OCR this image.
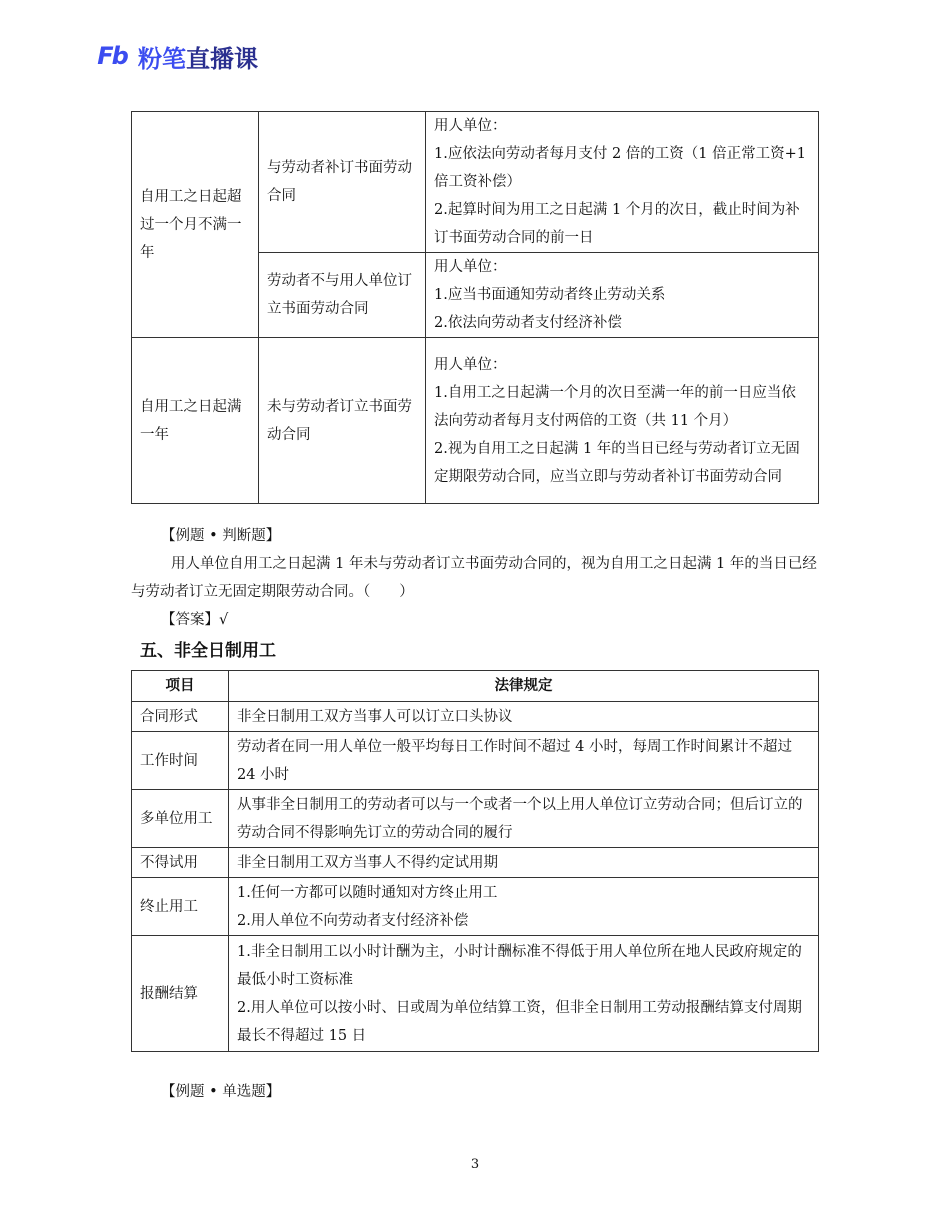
Fb 粉笔直播课
自用工之日起超过一个月不满一年	与劳动者补订书面劳动合同	用人单位：
1.应依法向劳动者每月支付 2 倍的工资（1 倍正常工资+1 倍工资补偿）
2.起算时间为用工之日起满 1 个月的次日，截止时间为补订书面劳动合同的前一日

	劳动者不与用人单位订立书面劳动合同	用人单位：
1.应当书面通知劳动者终止劳动关系
2.依法向劳动者支付经济补偿

自用工之日起满一年	未与劳动者订立书面劳动合同	用人单位：
1.自用工之日起满一个月的次日至满一年的前一日应当依法向劳动者每月支付两倍的工资（共 11 个月）
2.视为自用工之日起满 1 年的当日已经与劳动者订立无固定期限劳动合同，应当立即与劳动者补订书面劳动合同
【例题 • 判断题】
用人单位自用工之日起满 1 年未与劳动者订立书面劳动合同的，视为自用工之日起满 1 年的当日已经与劳动者订立无固定期限劳动合同。（　　）
【答案】√
五、非全日制用工
项目	法律规定
合同形式	非全日制用工双方当事人可以订立口头协议

工作时间	劳动者在同一用人单位一般平均每日工作时间不超过 4 小时，每周工作时间累计不超过 24 小时

多单位用工	从事非全日制用工的劳动者可以与一个或者一个以上用人单位订立劳动合同；但后订立的劳动合同不得影响先订立的劳动合同的履行

不得试用	非全日制用工双方当事人不得约定试用期

终止用工	1.任何一方都可以随时通知对方终止用工
2.用人单位不向劳动者支付经济补偿

报酬结算	1.非全日制用工以小时计酬为主，小时计酬标准不得低于用人单位所在地人民政府规定的最低小时工资标准
2.用人单位可以按小时、日或周为单位结算工资，但非全日制用工劳动报酬结算支付周期最长不得超过 15 日
【例题 • 单选题】
3
